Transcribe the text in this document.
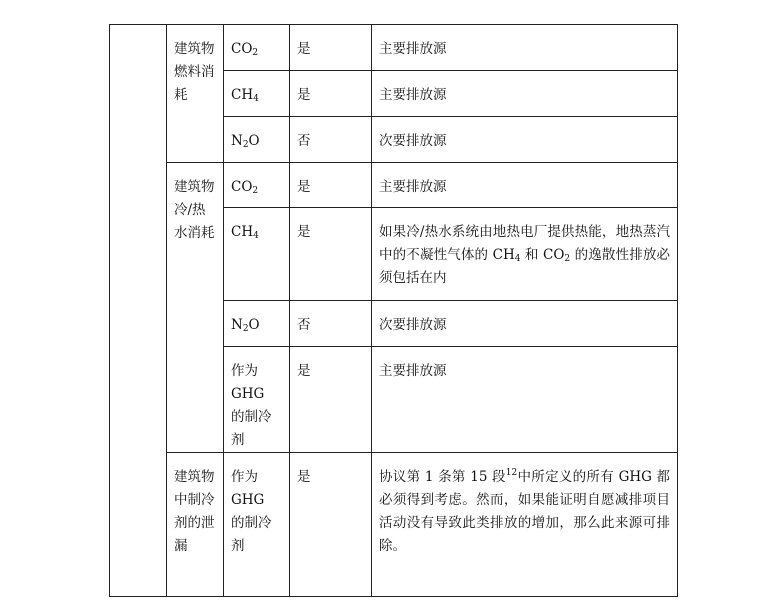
	建筑物燃料消耗	$CO_2$	是	主要排放源
		$CH_4$	是	主要排放源
		$N_2O$	否	次要排放源
	建筑物冷/热 水消耗	$CO_2$	是	主要排放源
		$CH_4$	是	如果冷/热水系统由地热电厂提供热能，地热蒸汽中的不凝性气体的 $CH_4$ 和 $CO_2$ 的逸散性排放必须包括在内
		$N_2O$	否	次要排放源
		作为 GHG 的制冷剂	是	主要排放源
	建筑物中制冷剂的泄漏	作为 GHG 的制冷剂	是	协议第 1 条第 15 段$^{12}$中所定义的所有 GHG 都必须得到考虑。然而，如果能证明自愿减排项目活动没有导致此类排放的增加，那么此来源可排除。
